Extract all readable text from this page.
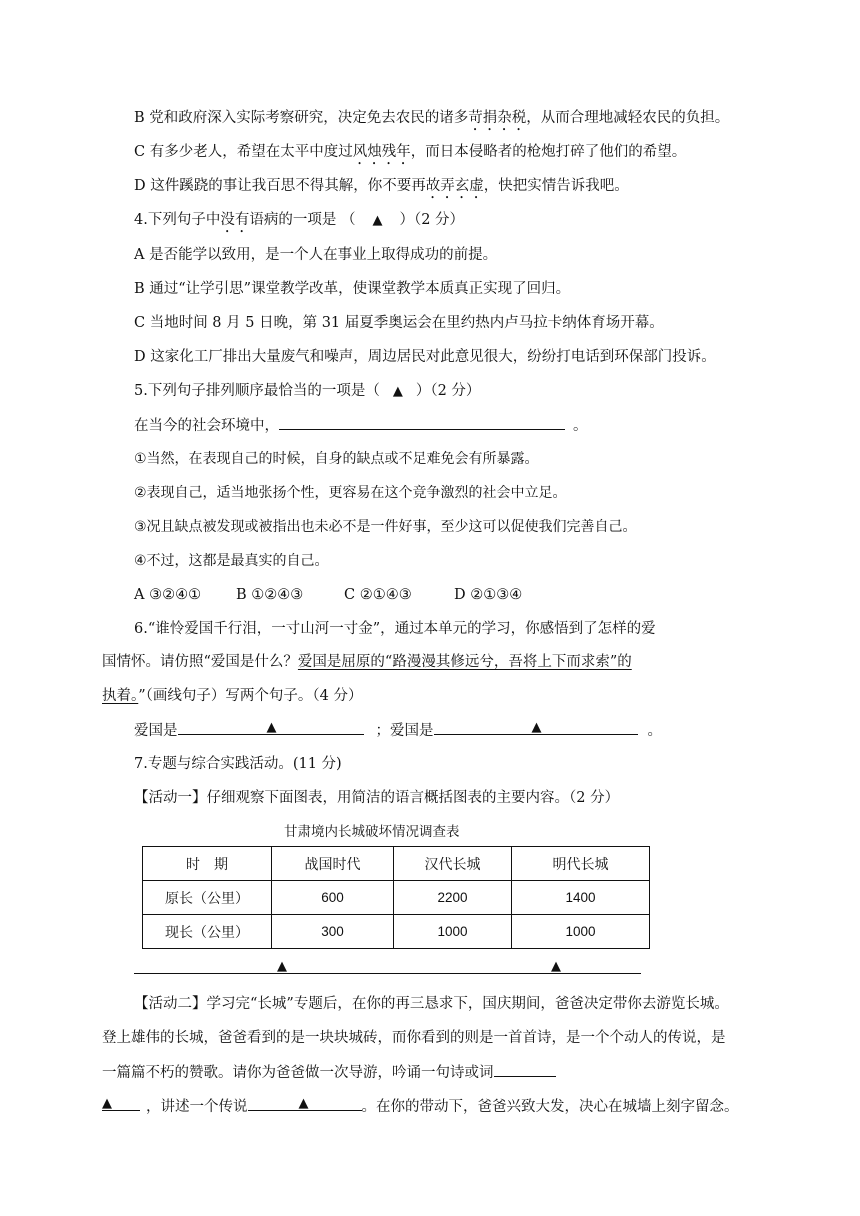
B 党和政府深入实际考察研究，决定免去农民的诸多苛捐杂税，从而合理地减轻农民的负担。
C 有多少老人，希望在太平中度过风烛残年，而日本侵略者的枪炮打碎了他们的希望。
D 这件蹊跷的事让我百思不得其解，你不要再故弄玄虚，快把实情告诉我吧。
4.下列句子中没有语病的一项是 （ ▲ ）（2 分）
A 是否能学以致用，是一个人在事业上取得成功的前提。
B 通过“让学引思”课堂教学改革，使课堂教学本质真正实现了回归。
C 当地时间 8 月 5 日晚，第 31 届夏季奥运会在里约热内卢马拉卡纳体育场开幕。
D 这家化工厂排出大量废气和噪声，周边居民对此意见很大，纷纷打电话到环保部门投诉。
5.下列句子排列顺序最恰当的一项是（ ▲ ）（2 分）
在当今的社会环境中，	。
①当然，在表现自己的时候，自身的缺点或不足难免会有所暴露。
②表现自己，适当地张扬个性，更容易在这个竞争激烈的社会中立足。
③况且缺点被发现或被指出也未必不是一件好事，至少这可以促使我们完善自己。
④不过，这都是最真实的自己。
A ③②④① B ①②④③	C ②①④③	D ②①③④
6.“谁怜爱国千行泪，一寸山河一寸金”，通过本单元的学习，你感悟到了怎样的爱
国情怀。请仿照“爱国是什么？爱国是屈原的“路漫漫其修远兮，吾将上下而求索”的
执着。”（画线句子）写两个句子。（4 分）
爱国是	▲	；爱国是	▲	。
7.专题与综合实践活动。(11 分)
【活动一】仔细观察下面图表，用简洁的语言概括图表的主要内容。（2 分）
甘肃境内长城破坏情况调查表
时　期	战国时代	汉代长城	明代长城
原长（公里）	600	2200	1400
现长（公里）	300	1000	1000
▲	▲
【活动二】学习完“长城”专题后，在你的再三恳求下，国庆期间，爸爸决定带你去游览长城。
登上雄伟的长城，爸爸看到的是一块块城砖，而你看到的则是一首首诗，是一个个动人的传说，是
一篇篇不朽的赞歌。请你为爸爸做一次导游，吟诵一句诗或词
▲ ，讲述一个传说	▲	。在你的带动下，爸爸兴致大发，决心在城墙上刻字留念。
